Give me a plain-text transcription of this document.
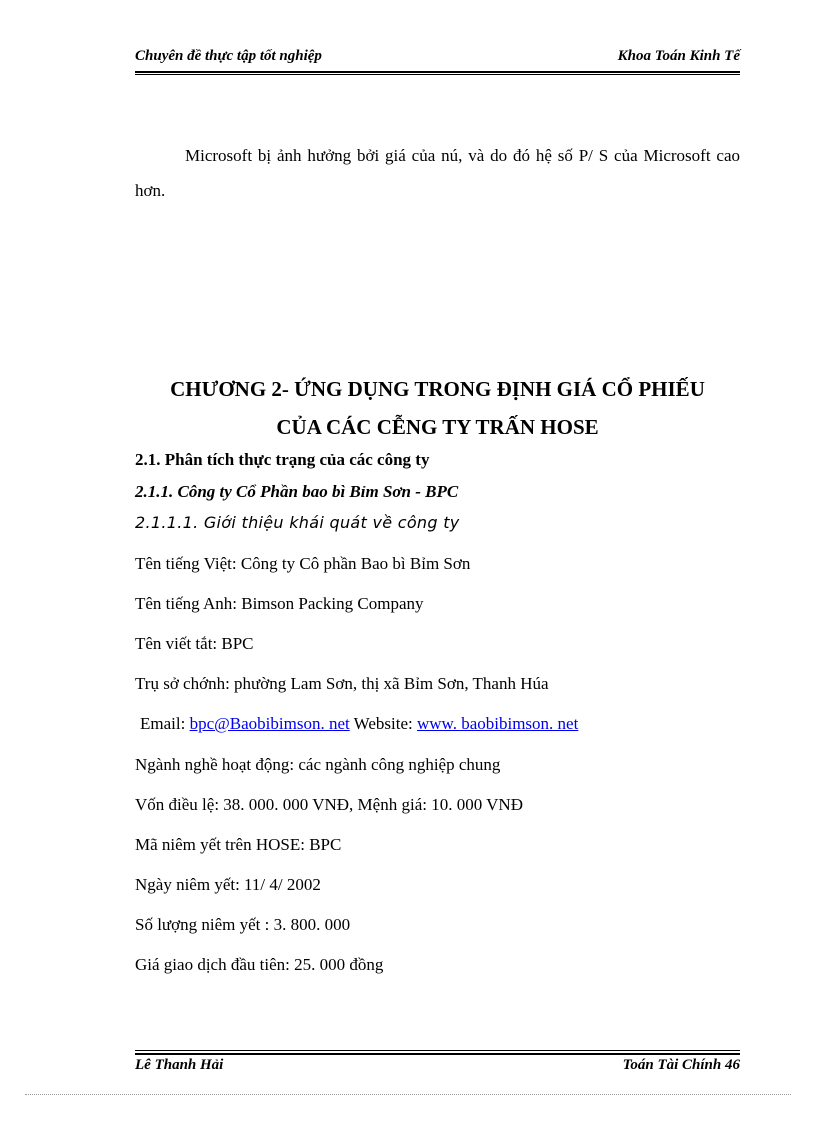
Chuyên đề thực tập tốt nghiệp	Khoa Toán Kinh Tế
Microsoft bị ảnh hưởng bởi giá của nú, và do đó hệ số P/ S của Microsoft cao hơn.
CHƯƠNG 2- ỨNG DỤNG TRONG ĐỊNH GIÁ CỔ PHIẾU
CỦA CÁC CỄNG TY TRẤN HOSE
2.1. Phân tích thực trạng của các công ty
2.1.1. Công ty Cổ Phần bao bì Bỉm Sơn - BPC
2.1.1.1. Giới thiệu khái quát về công ty
Tên tiếng Việt: Công ty Cô phần Bao bì Bỉm Sơn
Tên tiếng Anh: Bimson Packing Company
Tên viết tắt: BPC
Trụ sở chớnh: phường Lam Sơn, thị xã Bỉm Sơn, Thanh Húa
Email: bpc@Baobibimson. net Website: www. baobibimson. net
Ngành nghề hoạt động: các ngành công nghiệp chung
Vốn điều lệ: 38. 000. 000 VNĐ, Mệnh giá: 10. 000 VNĐ
Mã niêm yết trên HOSE: BPC
Ngày niêm yết: 11/ 4/ 2002
Số lượng niêm yết : 3. 800. 000
Giá giao dịch đầu tiên: 25. 000 đồng
Lê Thanh Hải	Toán Tài Chính 46
